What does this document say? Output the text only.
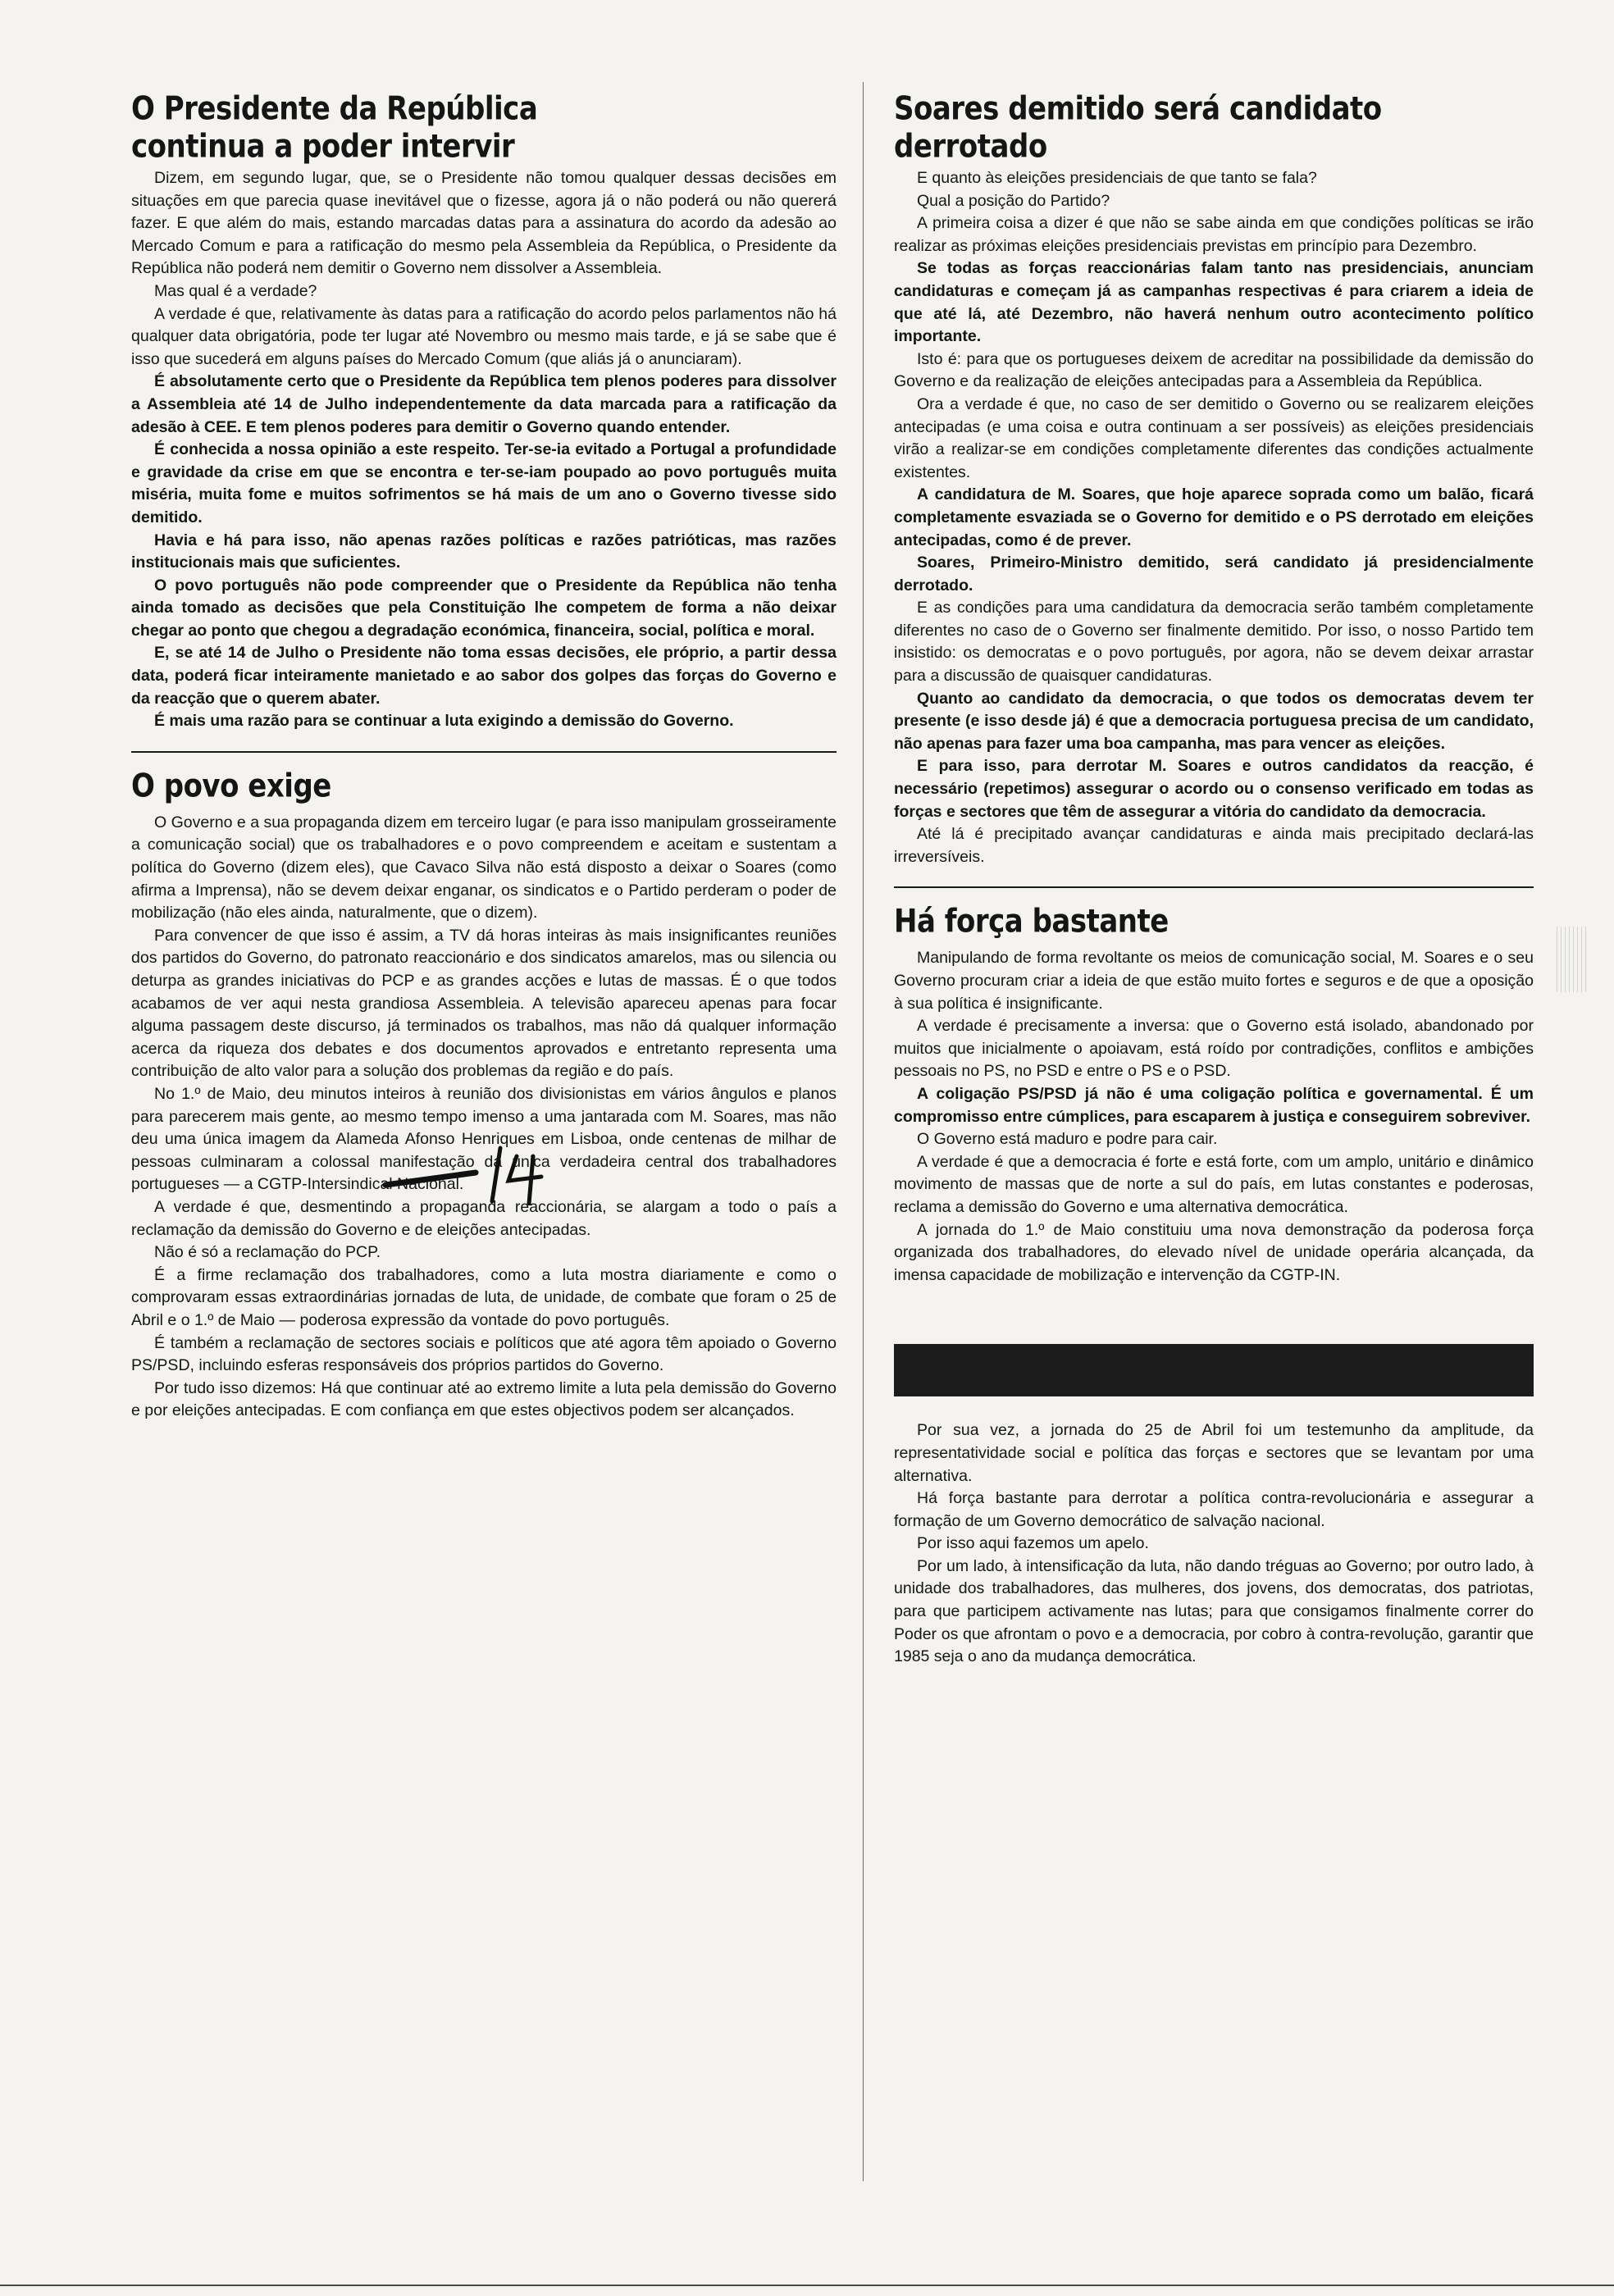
O Presidente da República
continua a poder intervir

Dizem, em segundo lugar, que, se o Presidente não tomou qualquer dessas decisões em situações em que parecia quase inevitável que o fizesse, agora já o não poderá ou não quererá fazer. E que além do mais, estando marcadas datas para a assinatura do acordo da adesão ao Mercado Comum e para a ratificação do mesmo pela Assembleia da República, o Presidente da República não poderá nem demitir o Governo nem dissolver a Assembleia.

Mas qual é a verdade?

A verdade é que, relativamente às datas para a ratificação do acordo pelos parlamentos não há qualquer data obrigatória, pode ter lugar até Novembro ou mesmo mais tarde, e já se sabe que é isso que sucederá em alguns países do Mercado Comum (que aliás já o anunciaram).

É absolutamente certo que o Presidente da República tem plenos poderes para dissolver a Assembleia até 14 de Julho independentemente da data marcada para a ratificação da adesão à CEE. E tem plenos poderes para demitir o Governo quando entender.

É conhecida a nossa opinião a este respeito. Ter-se-ia evitado a Portugal a profundidade e gravidade da crise em que se encontra e ter-se-iam poupado ao povo português muita miséria, muita fome e muitos sofrimentos se há mais de um ano o Governo tivesse sido demitido.

Havia e há para isso, não apenas razões políticas e razões patrióticas, mas razões institucionais mais que suficientes.

O povo português não pode compreender que o Presidente da República não tenha ainda tomado as decisões que pela Constituição lhe competem de forma a não deixar chegar ao ponto que chegou a degradação económica, financeira, social, política e moral.

E, se até 14 de Julho o Presidente não toma essas decisões, ele próprio, a partir dessa data, poderá ficar inteiramente manietado e ao sabor dos golpes das forças do Governo e da reacção que o querem abater.

É mais uma razão para se continuar a luta exigindo a demissão do Governo.

O povo exige

O Governo e a sua propaganda dizem em terceiro lugar (e para isso manipulam grosseiramente a comunicação social) que os trabalhadores e o povo compreendem e aceitam e sustentam a política do Governo (dizem eles), que Cavaco Silva não está disposto a deixar o Soares (como afirma a Imprensa), não se devem deixar enganar, os sindicatos e o Partido perderam o poder de mobilização (não eles ainda, naturalmente, que o dizem).

Para convencer de que isso é assim, a TV dá horas inteiras às mais insignificantes reuniões dos partidos do Governo, do patronato reaccionário e dos sindicatos amarelos, mas ou silencia ou deturpa as grandes iniciativas do PCP e as grandes acções e lutas de massas. É o que todos acabamos de ver aqui nesta grandiosa Assembleia. A televisão apareceu apenas para focar alguma passagem deste discurso, já terminados os trabalhos, mas não dá qualquer informação acerca da riqueza dos debates e dos documentos aprovados e entretanto representa uma contribuição de alto valor para a solução dos problemas da região e do país.

No 1.º de Maio, deu minutos inteiros à reunião dos divisionistas em vários ângulos e planos para parecerem mais gente, ao mesmo tempo imenso a uma jantarada com M. Soares, mas não deu uma única imagem da Alameda Afonso Henriques em Lisboa, onde centenas de milhar de pessoas culminaram a colossal manifestação da única verdadeira central dos trabalhadores portugueses — a CGTP-Intersindical Nacional.

A verdade é que, desmentindo a propaganda reaccionária, se alargam a todo o país a reclamação da demissão do Governo e de eleições antecipadas.

Não é só a reclamação do PCP.

É a firme reclamação dos trabalhadores, como a luta mostra diariamente e como o comprovaram essas extraordinárias jornadas de luta, de unidade, de combate que foram o 25 de Abril e o 1.º de Maio — poderosa expressão da vontade do povo português.

É também a reclamação de sectores sociais e políticos que até agora têm apoiado o Governo PS/PSD, incluindo esferas responsáveis dos próprios partidos do Governo.

Por tudo isso dizemos: Há que continuar até ao extremo limite a luta pela demissão do Governo e por eleições antecipadas. E com confiança em que estes objectivos podem ser alcançados.

Soares demitido será candidato derrotado

E quanto às eleições presidenciais de que tanto se fala?

Qual a posição do Partido?

A primeira coisa a dizer é que não se sabe ainda em que condições políticas se irão realizar as próximas eleições presidenciais previstas em princípio para Dezembro.

Se todas as forças reaccionárias falam tanto nas presidenciais, anunciam candidaturas e começam já as campanhas respectivas é para criarem a ideia de que até lá, até Dezembro, não haverá nenhum outro acontecimento político importante.

Isto é: para que os portugueses deixem de acreditar na possibilidade da demissão do Governo e da realização de eleições antecipadas para a Assembleia da República.

Ora a verdade é que, no caso de ser demitido o Governo ou se realizarem eleições antecipadas (e uma coisa e outra continuam a ser possíveis) as eleições presidenciais virão a realizar-se em condições completamente diferentes das condições actualmente existentes.

A candidatura de M. Soares, que hoje aparece soprada como um balão, ficará completamente esvaziada se o Governo for demitido e o PS derrotado em eleições antecipadas, como é de prever.

Soares, Primeiro-Ministro demitido, será candidato já presidencialmente derrotado.

E as condições para uma candidatura da democracia serão também completamente diferentes no caso de o Governo ser finalmente demitido. Por isso, o nosso Partido tem insistido: os democratas e o povo português, por agora, não se devem deixar arrastar para a discussão de quaisquer candidaturas.

Quanto ao candidato da democracia, o que todos os democratas devem ter presente (e isso desde já) é que a democracia portuguesa precisa de um candidato, não apenas para fazer uma boa campanha, mas para vencer as eleições.

E para isso, para derrotar M. Soares e outros candidatos da reacção, é necessário (repetimos) assegurar o acordo ou o consenso verificado em todas as forças e sectores que têm de assegurar a vitória do candidato da democracia.

Até lá é precipitado avançar candidaturas e ainda mais precipitado declará-las irreversíveis.

Há força bastante

Manipulando de forma revoltante os meios de comunicação social, M. Soares e o seu Governo procuram criar a ideia de que estão muito fortes e seguros e de que a oposição à sua política é insignificante.

A verdade é precisamente a inversa: que o Governo está isolado, abandonado por muitos que inicialmente o apoiavam, está roído por contradições, conflitos e ambições pessoais no PS, no PSD e entre o PS e o PSD.

A coligação PS/PSD já não é uma coligação política e governamental. É um compromisso entre cúmplices, para escaparem à justiça e conseguirem sobreviver.

O Governo está maduro e podre para cair.

A verdade é que a democracia é forte e está forte, com um amplo, unitário e dinâmico movimento de massas que de norte a sul do país, em lutas constantes e poderosas, reclama a demissão do Governo e uma alternativa democrática.

A jornada do 1.º de Maio constituiu uma nova demonstração da poderosa força organizada dos trabalhadores, do elevado nível de unidade operária alcançada, da imensa capacidade de mobilização e intervenção da CGTP-IN.

Por sua vez, a jornada do 25 de Abril foi um testemunho da amplitude, da representatividade social e política das forças e sectores que se levantam por uma alternativa.

Há força bastante para derrotar a política contra-revolucionária e assegurar a formação de um Governo democrático de salvação nacional.

Por isso aqui fazemos um apelo.

Por um lado, à intensificação da luta, não dando tréguas ao Governo; por outro lado, à unidade dos trabalhadores, das mulheres, dos jovens, dos democratas, dos patriotas, para que participem activamente nas lutas; para que consigamos finalmente correr do Poder os que afrontam o povo e a democracia, por cobro à contra-revolução, garantir que 1985 seja o ano da mudança democrática.
